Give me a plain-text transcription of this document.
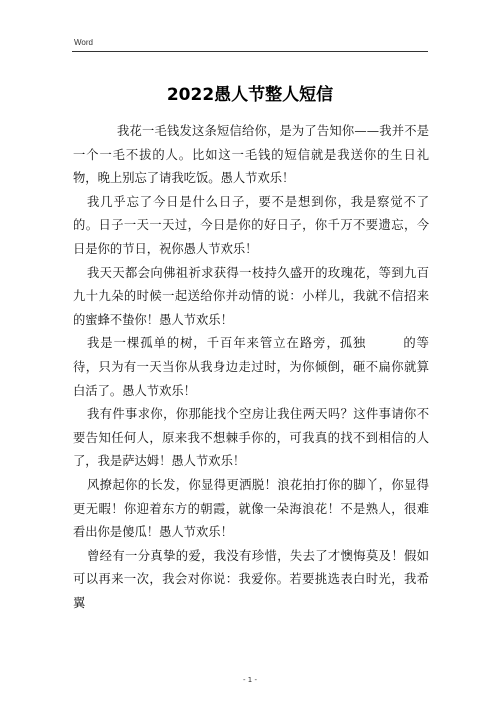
Word
2022愚人节整人短信

我花一毛钱发这条短信给你，是为了告知你——我并不是一个一毛不拔的人。比如这一毛钱的短信就是我送你的生日礼物，晚上别忘了请我吃饭。愚人节欢乐！

我几乎忘了今日是什么日子，要不是想到你，我是察觉不了的。日子一天一天过，今日是你的好日子，你千万不要遗忘，今日是你的节日，祝你愚人节欢乐！

我天天都会向佛祖祈求获得一枝持久盛开的玫瑰花，等到九百九十九朵的时候一起送给你并动情的说：小样儿，我就不信招来的蜜蜂不蛰你！愚人节欢乐！

我是一棵孤单的树，千百年来管立在路旁，孤独	的等待，只为有一天当你从我身边走过时，为你倾倒，砸不扁你就算白活了。愚人节欢乐！

我有件事求你，你那能找个空房让我住两天吗？这件事请你不要告知任何人，原来我不想棘手你的，可我真的找不到相信的人了，我是萨达姆！愚人节欢乐！

风撩起你的长发，你显得更洒脱！浪花拍打你的脚丫，你显得更无暇！你迎着东方的朝霞，就像一朵海浪花！不是熟人，很难看出你是傻瓜！愚人节欢乐！

曾经有一分真挚的爱，我没有珍惜，失去了才懊悔莫及！假如可以再来一次，我会对你说：我爱你。若要挑选表白时光，我希翼

- 1 -
